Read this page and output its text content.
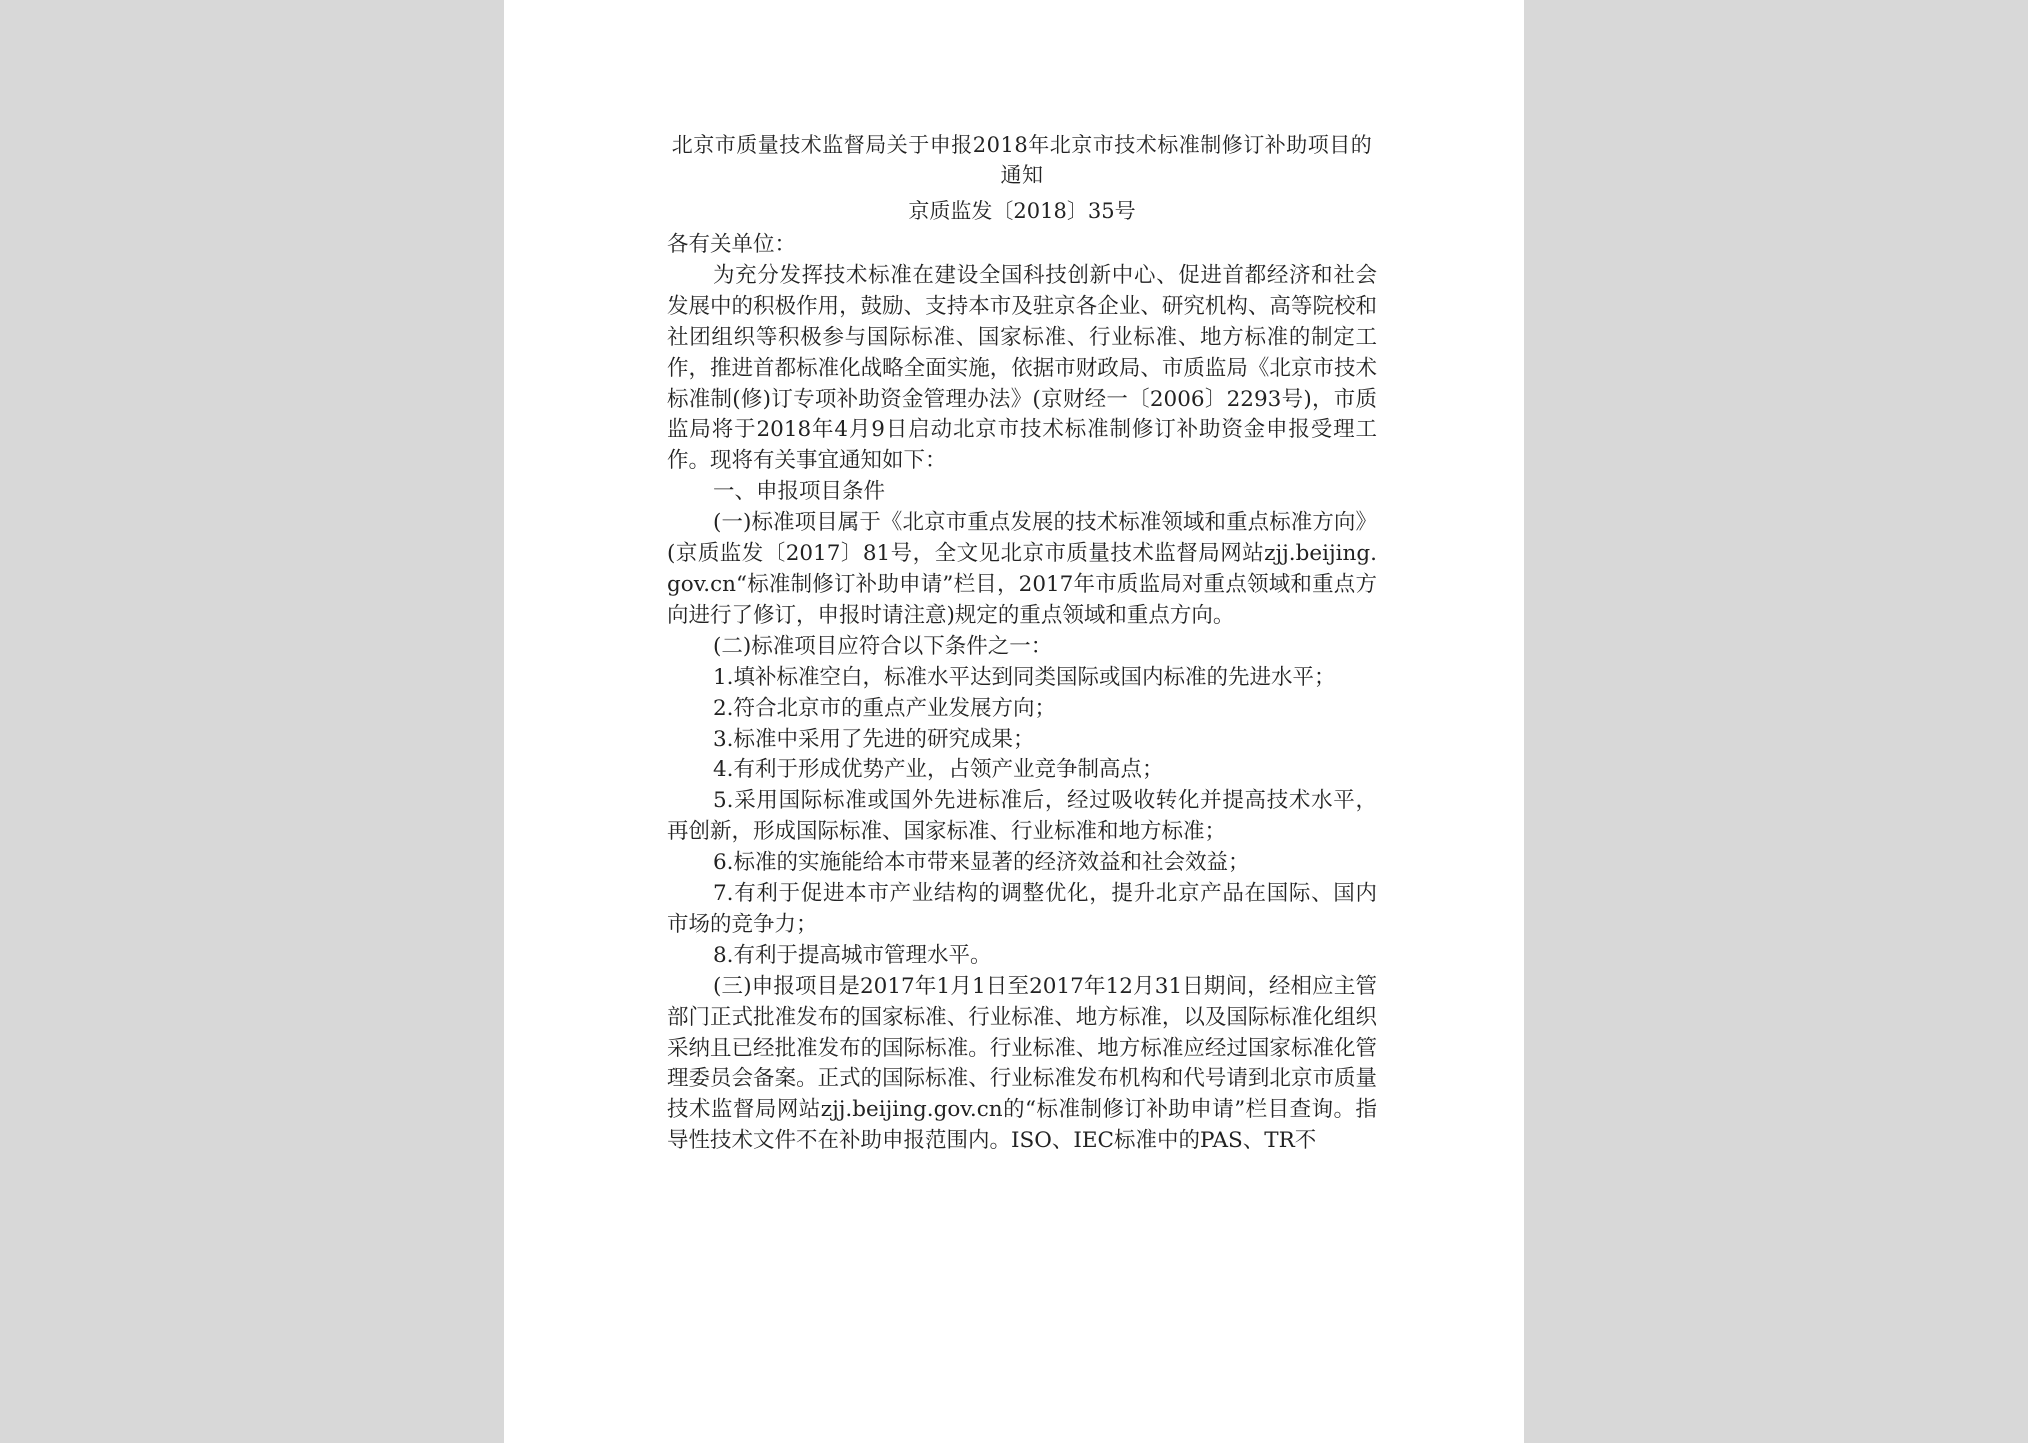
北京市质量技术监督局关于申报2018年北京市技术标准制修订补助项目的通知
京质监发〔2018〕35号

各有关单位：

为充分发挥技术标准在建设全国科技创新中心、促进首都经济和社会发展中的积极作用，鼓励、支持本市及驻京各企业、研究机构、高等院校和社团组织等积极参与国际标准、国家标准、行业标准、地方标准的制定工作，推进首都标准化战略全面实施，依据市财政局、市质监局《北京市技术标准制(修)订专项补助资金管理办法》(京财经一〔2006〕2293号)，市质监局将于2018年4月9日启动北京市技术标准制修订补助资金申报受理工作。现将有关事宜通知如下：

一、申报项目条件

(一)标准项目属于《北京市重点发展的技术标准领域和重点标准方向》(京质监发〔2017〕81号，全文见北京市质量技术监督局网站zjj.beijing.gov.cn“标准制修订补助申请”栏目，2017年市质监局对重点领域和重点方向进行了修订，申报时请注意)规定的重点领域和重点方向。

(二)标准项目应符合以下条件之一：

1.填补标准空白，标准水平达到同类国际或国内标准的先进水平；

2.符合北京市的重点产业发展方向；

3.标准中采用了先进的研究成果；

4.有利于形成优势产业，占领产业竞争制高点；

5.采用国际标准或国外先进标准后，经过吸收转化并提高技术水平，再创新，形成国际标准、国家标准、行业标准和地方标准；

6.标准的实施能给本市带来显著的经济效益和社会效益；

7.有利于促进本市产业结构的调整优化，提升北京产品在国际、国内市场的竞争力；

8.有利于提高城市管理水平。

(三)申报项目是2017年1月1日至2017年12月31日期间，经相应主管部门正式批准发布的国家标准、行业标准、地方标准，以及国际标准化组织采纳且已经批准发布的国际标准。行业标准、地方标准应经过国家标准化管理委员会备案。正式的国际标准、行业标准发布机构和代号请到北京市质量技术监督局网站zjj.beijing.gov.cn的“标准制修订补助申请”栏目查询。指导性技术文件不在补助申报范围内。ISO、IEC标准中的PAS、TR不
